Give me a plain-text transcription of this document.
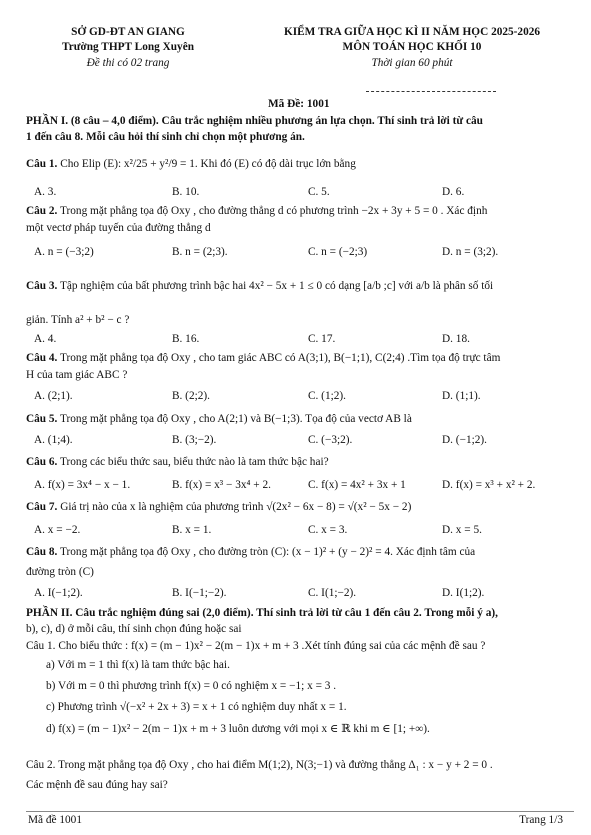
SỞ GD-ĐT AN GIANG
Trường THPT Long Xuyên
Đề thi có 02 trang
KIỂM TRA GIỮA HỌC KÌ II NĂM HỌC 2025-2026
MÔN TOÁN HỌC KHỐI 10
Thời gian 60 phút
Mã Đề: 1001
PHẦN I. (8 câu – 4,0 điểm). Câu trắc nghiệm nhiều phương án lựa chọn. Thí sinh trả lời từ câu
1 đến câu 8. Mỗi câu hỏi thí sinh chỉ chọn một phương án.
Câu 1. Cho Elip (E): x²/25 + y²/9 = 1. Khi đó (E) có độ dài trục lớn bằng
A. 3.	B. 10.	C. 5.	D. 6.
Câu 2. Trong mặt phẳng tọa độ Oxy , cho đường thẳng d có phương trình −2x + 3y + 5 = 0 . Xác định
một vectơ pháp tuyến của đường thẳng d
A. n = (−3;2)	B. n = (2;3).	C. n = (−2;3)	D. n = (3;2).
Câu 3. Tập nghiệm của bất phương trình bậc hai 4x² − 5x + 1 ≤ 0 có dạng [a/b ;c] với a/b là phân số tối
giản. Tính a² + b² − c ?
A. 4.	B. 16.	C. 17.	D. 18.
Câu 4. Trong mặt phẳng tọa độ Oxy , cho tam giác ABC có A(3;1), B(−1;1), C(2;4) .Tìm tọa độ trực tâm
H của tam giác ABC ?
A. (2;1).	B. (2;2).	C. (1;2).	D. (1;1).
Câu 5. Trong mặt phẳng tọa độ Oxy , cho A(2;1) và B(−1;3). Tọa độ của vectơ AB là
A. (1;4).	B. (3;−2).	C. (−3;2).	D. (−1;2).
Câu 6. Trong các biểu thức sau, biểu thức nào là tam thức bậc hai?
A. f(x) = 3x⁴ − x − 1.	B. f(x) = x³ − 3x⁴ + 2.	C. f(x) = 4x² + 3x + 1	D. f(x) = x³ + x² + 2.
Câu 7. Giá trị nào của x là nghiệm của phương trình √(2x² − 6x − 8) = √(x² − 5x − 2)
A. x = −2.	B. x = 1.	C. x = 3.	D. x = 5.
Câu 8. Trong mặt phẳng tọa độ Oxy , cho đường tròn (C): (x − 1)² + (y − 2)² = 4. Xác định tâm của
đường tròn (C)
A. I(−1;2).	B. I(−1;−2).	C. I(1;−2).	D. I(1;2).
PHẦN II. Câu trắc nghiệm đúng sai (2,0 điểm). Thí sinh trả lời từ câu 1 đến câu 2. Trong mỗi ý a),
b), c), d) ở mỗi câu, thí sinh chọn đúng hoặc sai
Câu 1. Cho biểu thức : f(x) = (m − 1)x² − 2(m − 1)x + m + 3 .Xét tính đúng sai của các mệnh đề sau ?
a) Với m = 1 thì f(x) là tam thức bậc hai.
b) Với m = 0 thì phương trình f(x) = 0 có nghiệm x = −1; x = 3 .
c) Phương trình √(−x² + 2x + 3) = x + 1 có nghiệm duy nhất x = 1.
d) f(x) = (m − 1)x² − 2(m − 1)x + m + 3 luôn dương với mọi x ∈ ℝ khi m ∈ [1; +∞).
Câu 2. Trong mặt phẳng tọa độ Oxy , cho hai điểm M(1;2), N(3;−1) và đường thẳng Δ₁ : x − y + 2 = 0 .
Các mệnh đề sau đúng hay sai?
Mã đề 1001	Trang 1/3
